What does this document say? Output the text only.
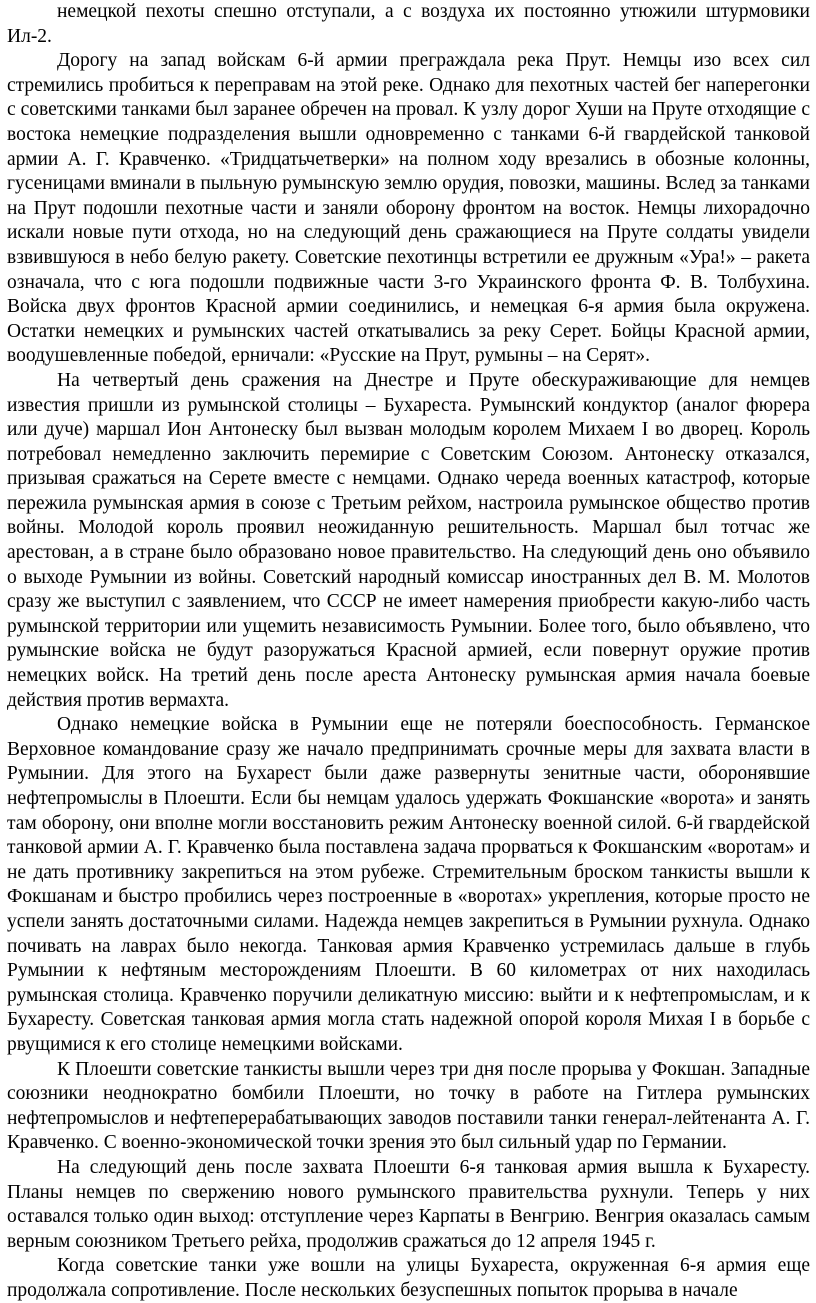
немецкой пехоты спешно отступали, а с воздуха их постоянно утюжили штурмовики Ил-2.

Дорогу на запад войскам 6-й армии преграждала река Прут. Немцы изо всех сил стремились пробиться к переправам на этой реке. Однако для пехотных частей бег наперегонки с советскими танками был заранее обречен на провал. К узлу дорог Хуши на Пруте отходящие с востока немецкие подразделения вышли одновременно с танками 6-й гвардейской танковой армии А. Г. Кравченко. «Тридцатьчетверки» на полном ходу врезались в обозные колонны, гусеницами вминали в пыльную румынскую землю орудия, повозки, машины. Вслед за танками на Прут подошли пехотные части и заняли оборону фронтом на восток. Немцы лихорадочно искали новые пути отхода, но на следующий день сражающиеся на Пруте солдаты увидели взвившуюся в небо белую ракету. Советские пехотинцы встретили ее дружным «Ура!» – ракета означала, что с юга подошли подвижные части 3-го Украинского фронта Ф. В. Толбухина. Войска двух фронтов Красной армии соединились, и немецкая 6-я армия была окружена. Остатки немецких и румынских частей откатывались за реку Серет. Бойцы Красной армии, воодушевленные победой, ерничали: «Русские на Прут, румыны – на Серят».

На четвертый день сражения на Днестре и Пруте обескураживающие для немцев известия пришли из румынской столицы – Бухареста. Румынский кондуктор (аналог фюрера или дуче) маршал Ион Антонеску был вызван молодым королем Михаем I во дворец. Король потребовал немедленно заключить перемирие с Советским Союзом. Антонеску отказался, призывая сражаться на Серете вместе с немцами. Однако череда военных катастроф, которые пережила румынская армия в союзе с Третьим рейхом, настроила румынское общество против войны. Молодой король проявил неожиданную решительность. Маршал был тотчас же арестован, а в стране было образовано новое правительство. На следующий день оно объявило о выходе Румынии из войны. Советский народный комиссар иностранных дел В. М. Молотов сразу же выступил с заявлением, что СССР не имеет намерения приобрести какую-либо часть румынской территории или ущемить независимость Румынии. Более того, было объявлено, что румынские войска не будут разоружаться Красной армией, если повернут оружие против немецких войск. На третий день после ареста Антонеску румынская армия начала боевые действия против вермахта.

Однако немецкие войска в Румынии еще не потеряли боеспособность. Германское Верховное командование сразу же начало предпринимать срочные меры для захвата власти в Румынии. Для этого на Бухарест были даже развернуты зенитные части, оборонявшие нефтепромыслы в Плоешти. Если бы немцам удалось удержать Фокшанские «ворота» и занять там оборону, они вполне могли восстановить режим Антонеску военной силой. 6-й гвардейской танковой армии А. Г. Кравченко была поставлена задача прорваться к Фокшанским «воротам» и не дать противнику закрепиться на этом рубеже. Стремительным броском танкисты вышли к Фокшанам и быстро пробились через построенные в «воротах» укрепления, которые просто не успели занять достаточными силами. Надежда немцев закрепиться в Румынии рухнула. Однако почивать на лаврах было некогда. Танковая армия Кравченко устремилась дальше в глубь Румынии к нефтяным месторождениям Плоешти. В 60 километрах от них находилась румынская столица. Кравченко поручили деликатную миссию: выйти и к нефтепромыслам, и к Бухаресту. Советская танковая армия могла стать надежной опорой короля Михая I в борьбе с рвущимися к его столице немецкими войсками.

К Плоешти советские танкисты вышли через три дня после прорыва у Фокшан. Западные союзники неоднократно бомбили Плоешти, но точку в работе на Гитлера румынских нефтепромыслов и нефтеперерабатывающих заводов поставили танки генерал-лейтенанта А. Г. Кравченко. С военно-экономической точки зрения это был сильный удар по Германии.

На следующий день после захвата Плоешти 6-я танковая армия вышла к Бухаресту. Планы немцев по свержению нового румынского правительства рухнули. Теперь у них оставался только один выход: отступление через Карпаты в Венгрию. Венгрия оказалась самым верным союзником Третьего рейха, продолжив сражаться до 12 апреля 1945 г.

Когда советские танки уже вошли на улицы Бухареста, окруженная 6-я армия еще продолжала сопротивление. После нескольких безуспешных попыток прорыва в начале
